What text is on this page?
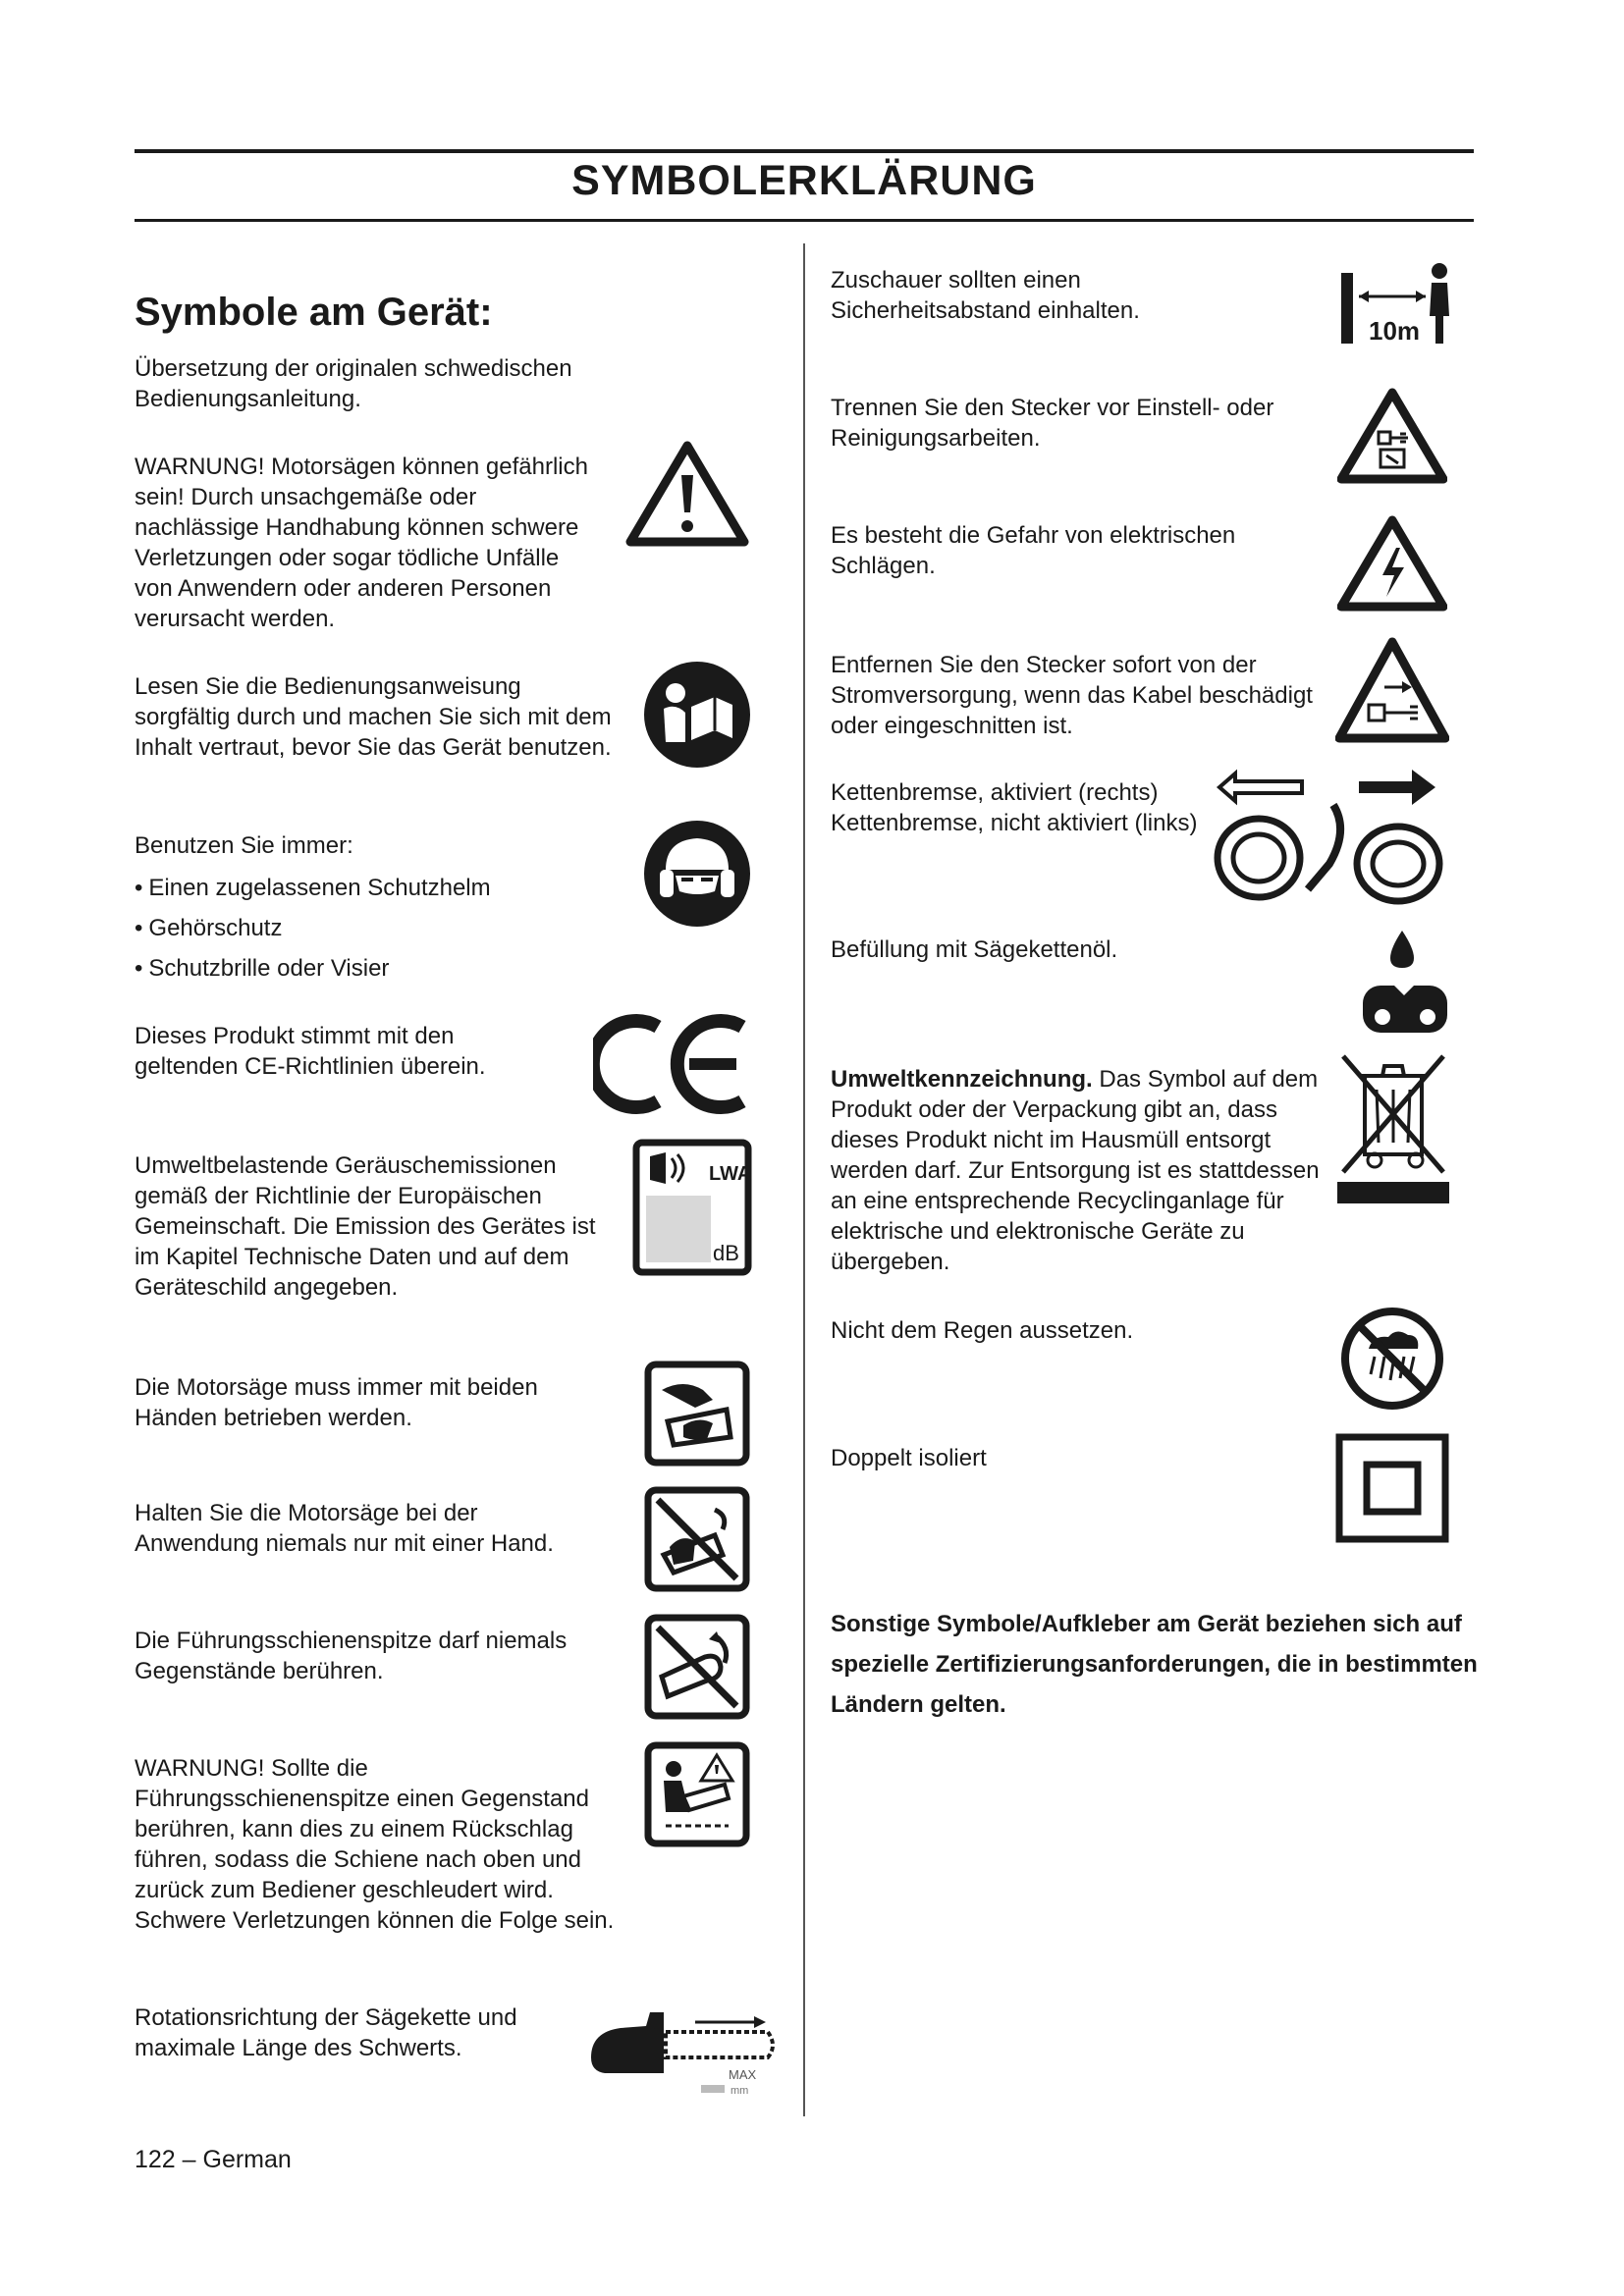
SYMBOLERKLÄRUNG
Symbole am Gerät:

Übersetzung der originalen schwedischen Bedienungsanleitung.

WARNUNG! Motorsägen können gefährlich sein! Durch unsachgemäße oder nachlässige Handhabung können schwere Verletzungen oder sogar tödliche Unfälle von Anwendern oder anderen Personen verursacht werden.

Lesen Sie die Bedienungsanweisung sorgfältig durch und machen Sie sich mit dem Inhalt vertraut, bevor Sie das Gerät benutzen.

Benutzen Sie immer:

• Einen zugelassenen Schutzhelm
• Gehörschutz
• Schutzbrille oder Visier

Dieses Produkt stimmt mit den geltenden CE-Richtlinien überein.

Umweltbelastende Geräuschemissionen gemäß der Richtlinie der Europäischen Gemeinschaft. Die Emission des Gerätes ist im Kapitel Technische Daten und auf dem Geräteschild angegeben.

LWA
dB

Die Motorsäge muss immer mit beiden Händen betrieben werden.

Halten Sie die Motorsäge bei der Anwendung niemals nur mit einer Hand.

Die Führungsschienenspitze darf niemals Gegenstände berühren.

WARNUNG! Sollte die Führungsschienenspitze einen Gegenstand berühren, kann dies zu einem Rückschlag führen, sodass die Schiene nach oben und zurück zum Bediener geschleudert wird. Schwere Verletzungen können die Folge sein.

Rotationsrichtung der Sägekette und maximale Länge des Schwerts.

MAX
mm

Zuschauer sollten einen Sicherheitsabstand einhalten.

10m

Trennen Sie den Stecker vor Einstell- oder Reinigungsarbeiten.

Es besteht die Gefahr von elektrischen Schlägen.

Entfernen Sie den Stecker sofort von der Stromversorgung, wenn das Kabel beschädigt oder eingeschnitten ist.

Kettenbremse, aktiviert (rechts) Kettenbremse, nicht aktiviert (links)

Befüllung mit Sägekettenöl.

Umweltkennzeichnung. Das Symbol auf dem Produkt oder der Verpackung gibt an, dass dieses Produkt nicht im Hausmüll entsorgt werden darf. Zur Entsorgung ist es stattdessen an eine entsprechende Recyclinganlage für elektrische und elektronische Geräte zu übergeben.

Nicht dem Regen aussetzen.

Doppelt isoliert

Sonstige Symbole/Aufkleber am Gerät beziehen sich auf spezielle Zertifizierungsanforderungen, die in bestimmten Ländern gelten.

122 – German
